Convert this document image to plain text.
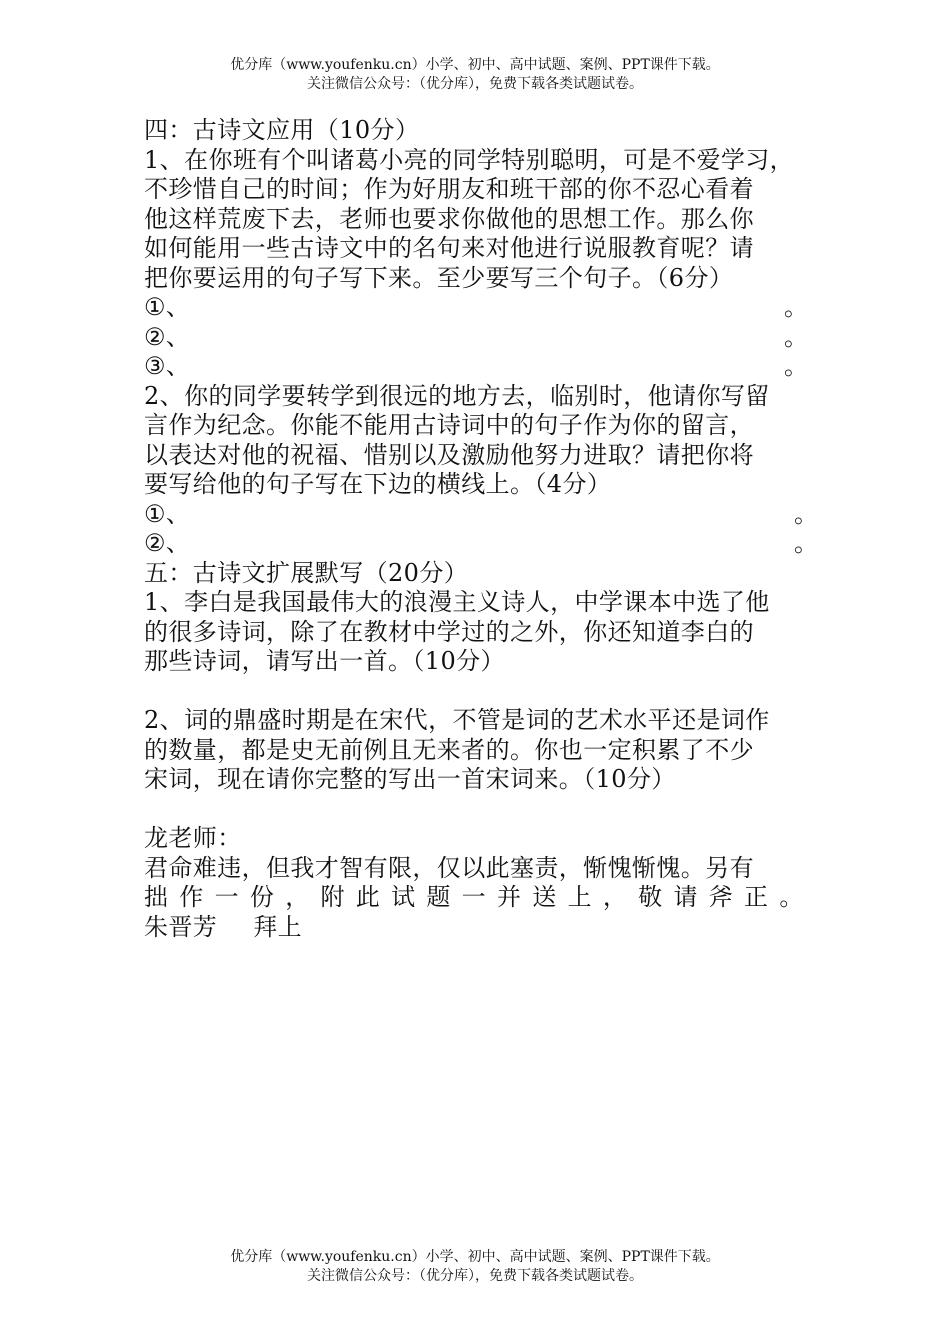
优分库（www.youfenku.cn）小学、初中、高中试题、案例、PPT课件下载。
关注微信公众号：（优分库），免费下载各类试题试卷。
四：古诗文应用（10分）
1、在你班有个叫诸葛小亮的同学特别聪明，可是不爱学习，
不珍惜自己的时间；作为好朋友和班干部的你不忍心看着
他这样荒废下去，老师也要求你做他的思想工作。那么你
如何能用一些古诗文中的名句来对他进行说服教育呢？请
把你要运用的句子写下来。至少要写三个句子。（6分）
①、	。
②、	。
③、	。
2、你的同学要转学到很远的地方去，临别时，他请你写留
言作为纪念。你能不能用古诗词中的句子作为你的留言，
以表达对他的祝福、惜别以及激励他努力进取？请把你将
要写给他的句子写在下边的横线上。（4分）
①、	。
②、	。
五：古诗文扩展默写（20分）
1、李白是我国最伟大的浪漫主义诗人，中学课本中选了他
的很多诗词，除了在教材中学过的之外，你还知道李白的
那些诗词，请写出一首。（10分）
2、词的鼎盛时期是在宋代，不管是词的艺术水平还是词作
的数量，都是史无前例且无来者的。你也一定积累了不少
宋词，现在请你完整的写出一首宋词来。（10分）
龙老师：
君命难违，但我才智有限，仅以此塞责，惭愧惭愧。另有
拙 作 一 份 ， 附 此 试 题 一 并 送 上 ， 敬 请 斧 正 。
朱晋芳 拜上
优分库（www.youfenku.cn）小学、初中、高中试题、案例、PPT课件下载。
关注微信公众号：（优分库），免费下载各类试题试卷。
